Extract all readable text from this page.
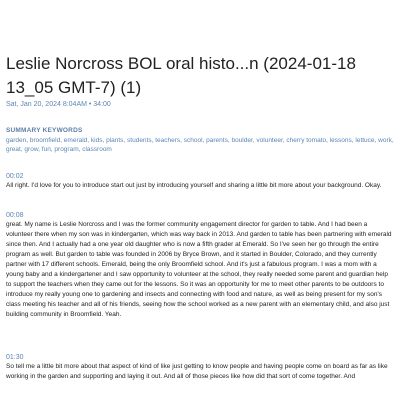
Leslie Norcross BOL oral histo...n (2024-01-18 13_05 GMT-7) (1)
Sat, Jan 20, 2024 8:04AM • 34:00
SUMMARY KEYWORDS
garden, broomfield, emerald, kids, plants, students, teachers, school, parents, boulder, volunteer, cherry tomato, lessons, lettuce, work, great, grow, fun, program, classroom
00:02
All right. I'd love for you to introduce start out just by introducing yourself and sharing a little bit more about your background. Okay.
00:08
great. My name is Leslie Norcross and I was the former community engagement director for garden to table. And I had been a volunteer there when my son was in kindergarten, which was way back in 2013. And garden to table has been partnering with emerald since then. And I actually had a one year old daughter who is now a fifth grader at Emerald. So I've seen her go through the entire program as well. But garden to table was founded in 2006 by Bryce Brown, and it started in Boulder, Colorado, and they currently partner with 17 different schools. Emerald, being the only Broomfield school. And it's just a fabulous program. I was a mom with a young baby and a kindergartener and I saw opportunity to volunteer at the school, they really needed some parent and guardian help to support the teachers when they came out for the lessons. So it was an opportunity for me to meet other parents to be outdoors to introduce my really young one to gardening and insects and connecting with food and nature, as well as being present for my son's class meeting his teacher and all of his friends, seeing how the school worked as a new parent with an elementary child, and also just building community in Broomfield. Yeah.
01:30
So tell me a little bit more about that aspect of kind of like just getting to know people and having people come on board as far as like working in the garden and supporting and laying it out. And all of those pieces like how did that sort of come together. And
